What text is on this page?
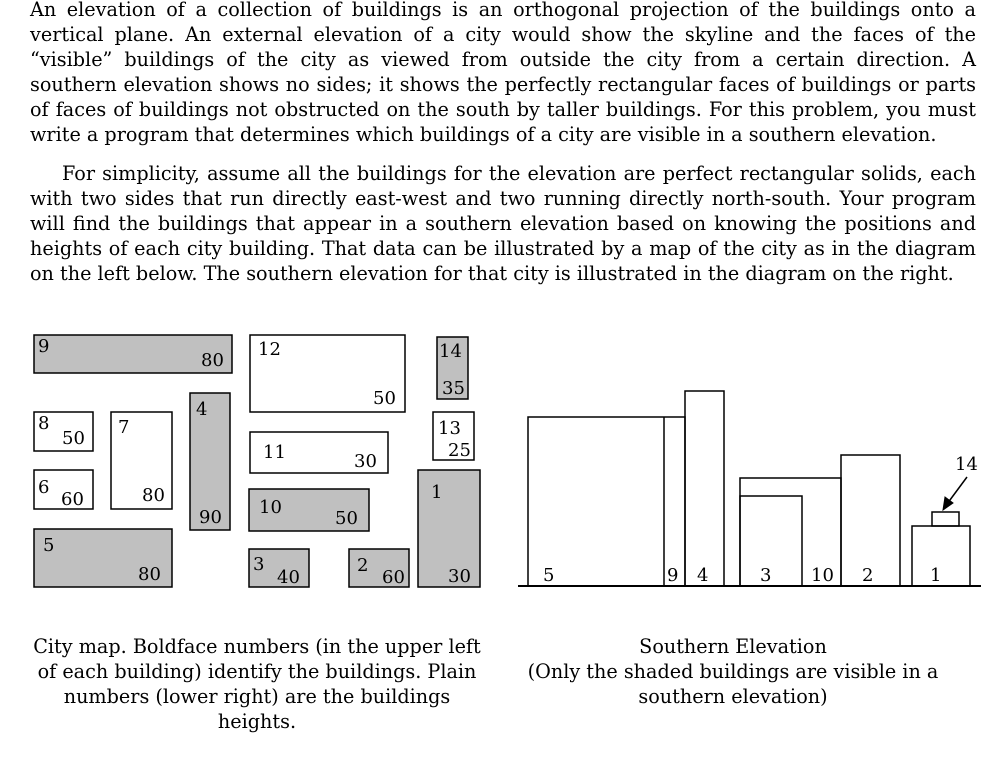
An elevation of a collection of buildings is an orthogonal projection of the buildings onto a vertical plane. An external elevation of a city would show the skyline and the faces of the “visible” buildings of the city as viewed from outside the city from a certain direction. A southern elevation shows no sides; it shows the perfectly rectangular faces of buildings or parts of faces of buildings not obstructed on the south by taller buildings. For this problem, you must write a program that determines which buildings of a city are visible in a southern elevation.
For simplicity, assume all the buildings for the elevation are perfect rectangular solids, each with two sides that run directly east-west and two running directly north-south. Your program will find the buildings that appear in a southern elevation based on knowing the positions and heights of each city building. That data can be illustrated by a map of the city as in the diagram on the left below. The southern elevation for that city is illustrated in the diagram on the right.
9
80
12
50
14
35
4
90
8
50
7
80
13
25
11	30
6
60	1
30
10
50
5
80	3
40
2
60
14
5	9 4	3 10 2	1
City map. Boldface numbers (in the upper left of each building) identify the buildings. Plain numbers (lower right) are the buildings heights.
Southern Elevation
(Only the shaded buildings are visible in a southern elevation)
